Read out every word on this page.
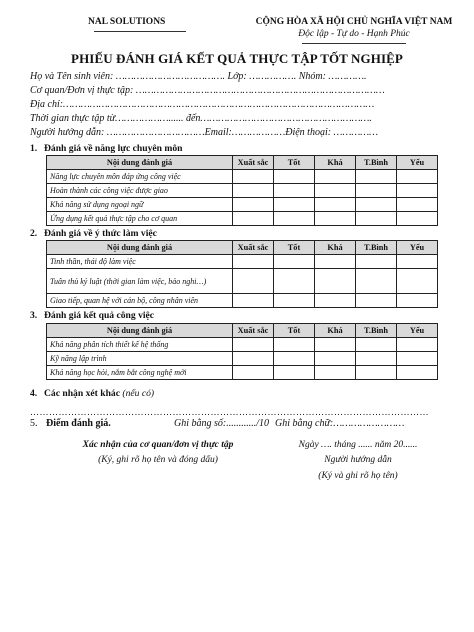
NAL SOLUTIONS	CỘNG HÒA XÃ HỘI CHỦ NGHĨA VIỆT NAM
Độc lập - Tự do - Hạnh Phúc
PHIẾU ĐÁNH GIÁ KẾT QUẢ THỰC TẬP TỐT NGHIỆP
Họ và Tên sinh viên: ………………………………. Lớp: ……………. Nhóm: ………….
Cơ quan/Đơn vị thực tập: …………………………………………………………………………
Địa chỉ:……………………………………………………………………………………………
Thời gian thực tập từ………………...... đến………………………………………………….
Người hướng dẫn: ……………………………Email:………………Điện thoại: ……………
1. Đánh giá về năng lực chuyên môn
Nội dung đánh giá	Xuất sắc	Tốt	Khá	T.Bình	Yếu
Năng lực chuyên môn đáp ứng công việc					
Hoàn thành các công việc được giao					
Khả năng sử dụng ngoại ngữ					
Ứng dụng kết quả thực tập cho cơ quan					
2. Đánh giá về ý thức làm việc
Nội dung đánh giá	Xuất sắc	Tốt	Khá	T.Bình	Yếu
Tinh thần, thái độ làm việc					
Tuân thủ kỷ luật (thời gian làm việc, bảo nghi…)					
Giao tiếp, quan hệ với cán bộ, công nhân viên					
3. Đánh giá kết quả công việc
Nội dung đánh giá	Xuất sắc	Tốt	Khá	T.Bình	Yếu
Khả năng phân tích thiết kế hệ thống					
Kỹ năng lập trình					
Khả năng học hỏi, nắm bắt công nghệ mới					
4. Các nhận xét khác (nếu có)
………………………………………………………………………………………………………………
5. Điểm đánh giá.	Ghi bằng số:............/10 Ghi bằng chữ:……………………
Xác nhận của cơ quan/đơn vị thực tập
(Ký, ghi rõ họ tên và đóng dấu)
Ngày …. tháng ...... năm 20......
Người hướng dẫn
(Ký và ghi rõ họ tên)
